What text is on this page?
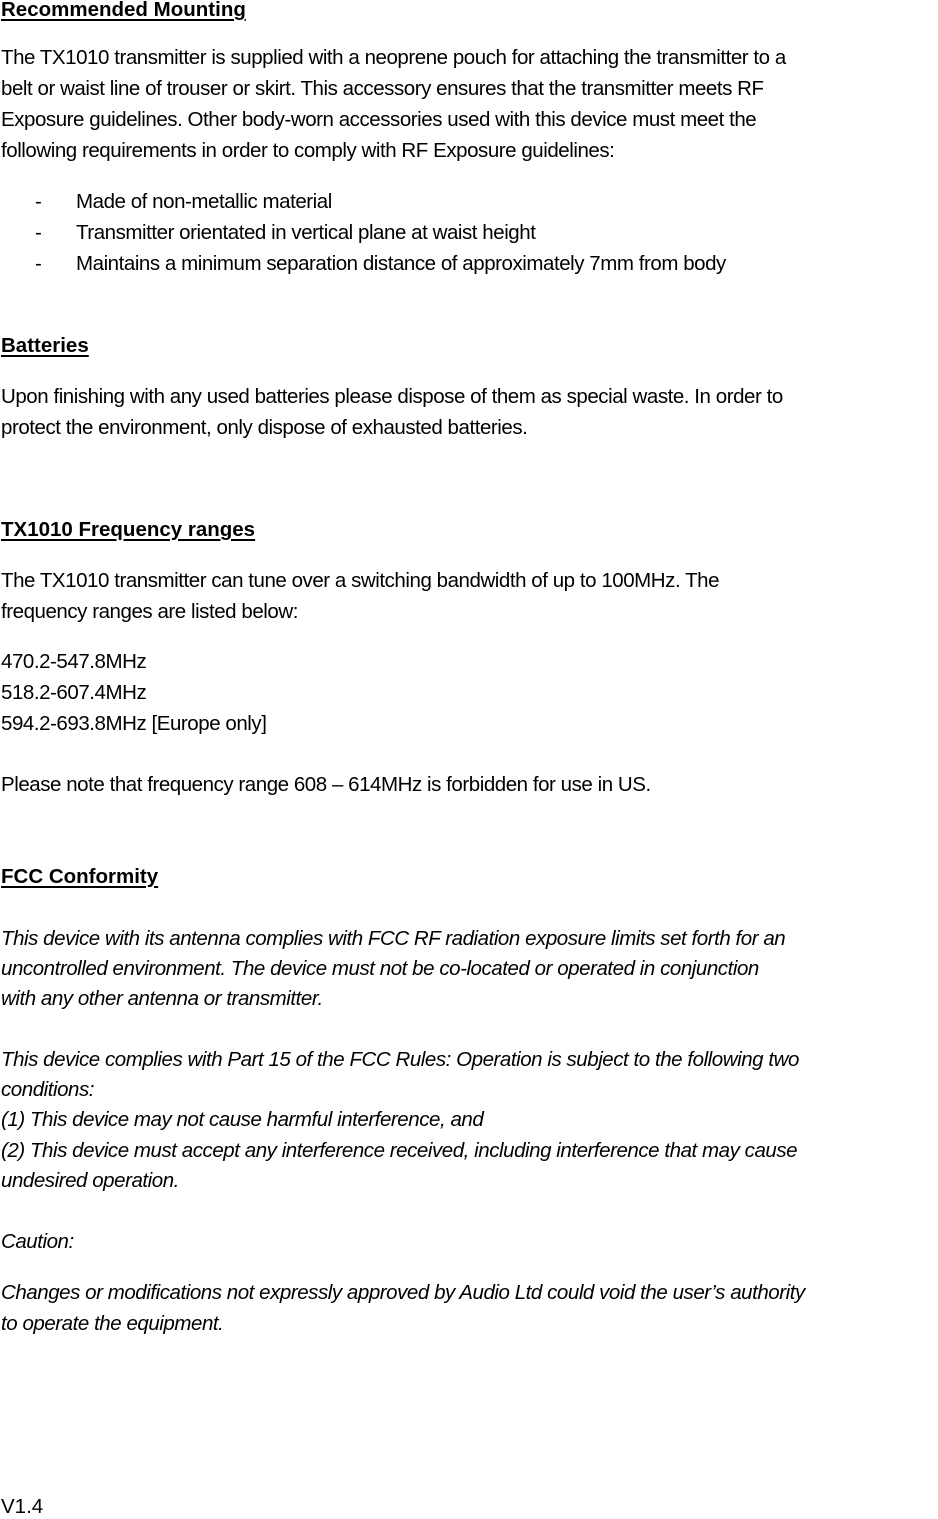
Recommended Mounting
The TX1010 transmitter is supplied with a neoprene pouch for attaching the transmitter to a
belt or waist line of trouser or skirt. This accessory ensures that the transmitter meets RF
Exposure guidelines. Other body-worn accessories used with this device must meet the
following requirements in order to comply with RF Exposure guidelines:
- Made of non-metallic material
- Transmitter orientated in vertical plane at waist height
- Maintains a minimum separation distance of approximately 7mm from body
Batteries
Upon finishing with any used batteries please dispose of them as special waste. In order to
protect the environment, only dispose of exhausted batteries.
TX1010 Frequency ranges
The TX1010 transmitter can tune over a switching bandwidth of up to 100MHz. The
frequency ranges are listed below:
470.2-547.8MHz
518.2-607.4MHz
594.2-693.8MHz [Europe only]
Please note that frequency range 608 – 614MHz is forbidden for use in US.
FCC Conformity
This device with its antenna complies with FCC RF radiation exposure limits set forth for an
uncontrolled environment. The device must not be co-located or operated in conjunction
with any other antenna or transmitter.
This device complies with Part 15 of the FCC Rules: Operation is subject to the following two
conditions:
(1) This device may not cause harmful interference, and
(2) This device must accept any interference received, including interference that may cause
undesired operation.
Caution:
Changes or modifications not expressly approved by Audio Ltd could void the user’s authority
to operate the equipment.
V1.4
